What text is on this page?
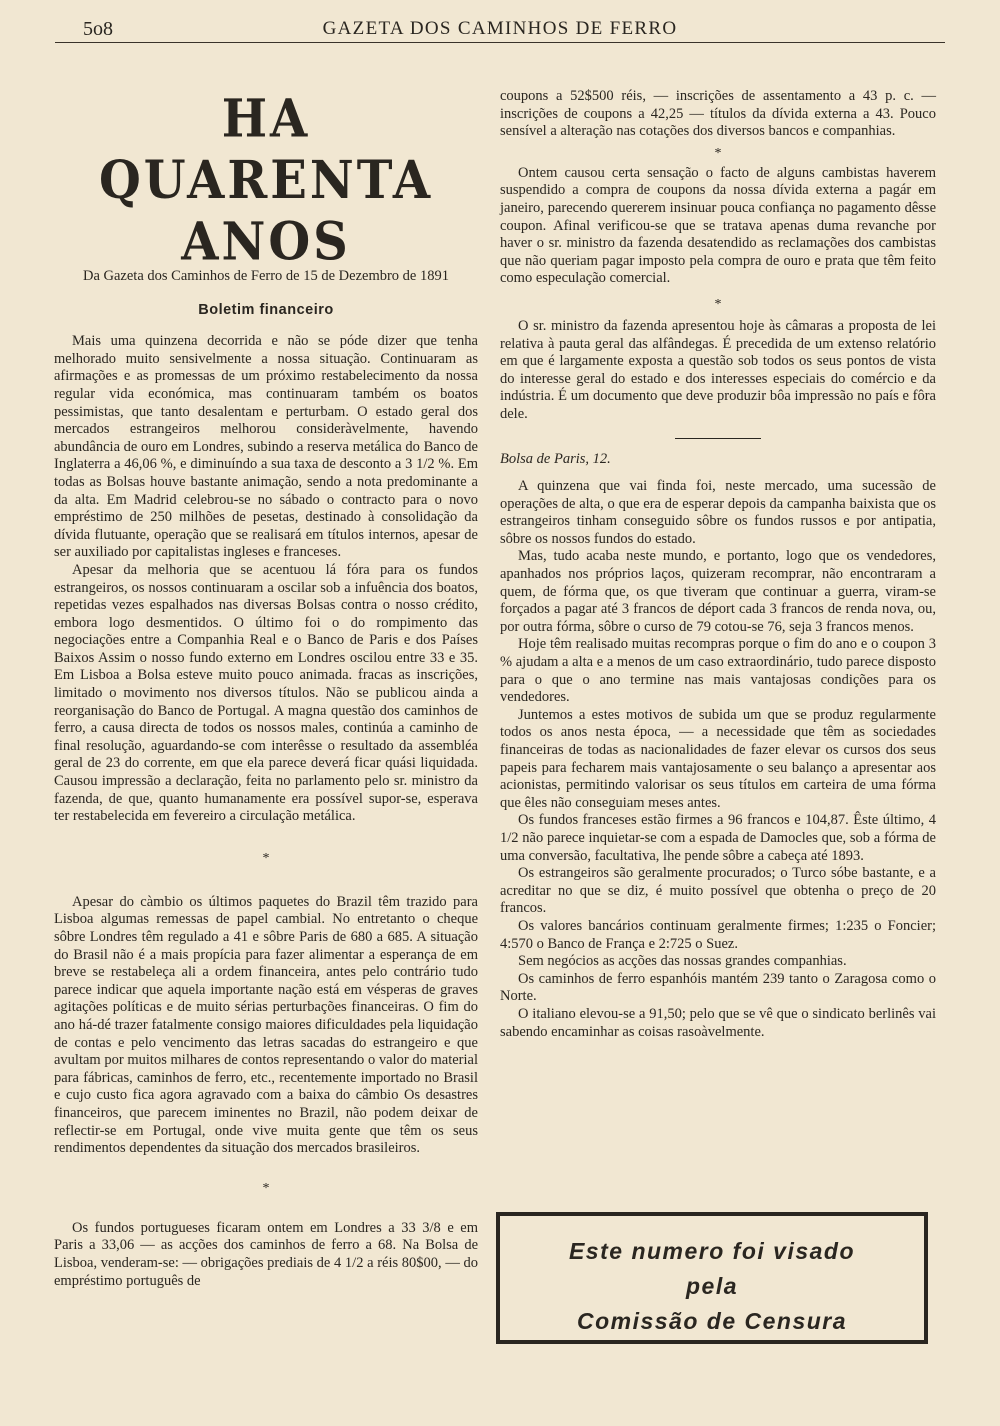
5o8	GAZETA DOS CAMINHOS DE FERRO
HA QUARENTA ANOS
Da Gazeta dos Caminhos de Ferro de 15 de Dezembro de 1891
Boletim financeiro

Mais uma quinzena decorrida e não se póde dizer que tenha melhorado muito sensivelmente a nossa situação. Continuaram as afirmações e as promessas de um próximo restabelecimento da nossa regular vida económica, mas continuaram também os boatos pessimistas, que tanto desalentam e perturbam. O estado geral dos mercados estrangeiros melhorou consideràvelmente, havendo abundância de ouro em Londres, subindo a reserva metálica do Banco de Inglaterra a 46,06 %, e diminuíndo a sua taxa de desconto a 3 1/2 %. Em todas as Bolsas houve bastante animação, sendo a nota predominante a da alta. Em Madrid celebrou-se no sábado o contracto para o novo empréstimo de 250 milhões de pesetas, destinado à consolidação da dívida flutuante, operação que se realisará em títulos internos, apesar de ser auxiliado por capitalistas ingleses e franceses.

Apesar da melhoria que se acentuou lá fóra para os fundos estrangeiros, os nossos continuaram a oscilar sob a infuência dos boatos, repetidas vezes espalhados nas diversas Bolsas contra o nosso crédito, embora logo desmentidos. O último foi o do rompimento das negociações entre a Companhia Real e o Banco de Paris e dos Países Baixos Assim o nosso fundo externo em Londres oscilou entre 33 e 35. Em Lisboa a Bolsa esteve muito pouco animada. fracas as inscrições, limitado o movimento nos diversos títulos. Não se publicou ainda a reorganisação do Banco de Portugal. A magna questão dos caminhos de ferro, a causa directa de todos os nossos males, continúa a caminho de final resolução, aguardando-se com interêsse o resultado da assembléa geral de 23 do corrente, em que ela parece deverá ficar quási liquidada. Causou impressão a declaração, feita no parlamento pelo sr. ministro da fazenda, de que, quanto humanamente era possível supor-se, esperava ter restabelecida em fevereiro a circulação metálica.

*

Apesar do càmbio os últimos paquetes do Brazil têm trazido para Lisboa algumas remessas de papel cambial. No entretanto o cheque sôbre Londres têm regulado a 41 e sôbre Paris de 680 a 685. A situação do Brasil não é a mais propícia para fazer alimentar a esperança de em breve se restabeleça ali a ordem financeira, antes pelo contrário tudo parece indicar que aquela importante nação está em vésperas de graves agitações políticas e de muito sérias perturbações financeiras. O fim do ano há-dé trazer fatalmente consigo maiores dificuldades pela liquidação de contas e pelo vencimento das letras sacadas do estrangeiro e que avultam por muitos milhares de contos representando o valor do material para fábricas, caminhos de ferro, etc., recentemente importado no Brasil e cujo custo fica agora agravado com a baixa do câmbio Os desastres financeiros, que parecem iminentes no Brazil, não podem deixar de reflectir-se em Portugal, onde vive muita gente que têm os seus rendimentos dependentes da situação dos mercados brasileiros.

*

Os fundos portugueses ficaram ontem em Londres a 33 3/8 e em Paris a 33,06 — as acções dos caminhos de ferro a 68. Na Bolsa de Lisboa, venderam-se: — obrigações prediais de 4 1/2 a réis 80$00, — do empréstimo português de

coupons a 52$500 réis, — inscrições de assentamento a 43 p. c. — inscrições de coupons a 42,25 — títulos da dívida externa a 43. Pouco sensível a alteração nas cotações dos diversos bancos e companhias.

*

Ontem causou certa sensação o facto de alguns cambistas haverem suspendido a compra de coupons da nossa dívida externa a pagár em janeiro, parecendo quererem insinuar pouca confiança no pagamento dêsse coupon. Afinal verificou-se que se tratava apenas duma revanche por haver o sr. ministro da fazenda desatendido as reclamações dos cambistas que não queriam pagar imposto pela compra de ouro e prata que têm feito como especulação comercial.

*

O sr. ministro da fazenda apresentou hoje às câmaras a proposta de lei relativa à pauta geral das alfândegas. É precedida de um extenso relatório em que é largamente exposta a questão sob todos os seus pontos de vista do interesse geral do estado e dos interesses especiais do comércio e da indústria. É um documento que deve produzir bôa impressão no país e fôra dele.

Bolsa de Paris, 12.

A quinzena que vai finda foi, neste mercado, uma sucessão de operações de alta, o que era de esperar depois da campanha baixista que os estrangeiros tinham conseguido sôbre os fundos russos e por antipatia, sôbre os nossos fundos do estado.

Mas, tudo acaba neste mundo, e portanto, logo que os vendedores, apanhados nos próprios laços, quizeram recomprar, não encontraram a quem, de fórma que, os que tiveram que continuar a guerra, viram-se forçados a pagar até 3 francos de déport cada 3 francos de renda nova, ou, por outra fórma, sôbre o curso de 79 cotou-se 76, seja 3 francos menos.

Hoje têm realisado muitas recompras porque o fim do ano e o coupon 3 % ajudam a alta e a menos de um caso extraordinário, tudo parece disposto para o que o ano termine nas mais vantajosas condições para os vendedores.

Juntemos a estes motivos de subida um que se produz regularmente todos os anos nesta época, — a necessidade que têm as sociedades financeiras de todas as nacionalidades de fazer elevar os cursos dos seus papeis para fecharem mais vantajosamente o seu balanço a apresentar aos acionistas, permitindo valorisar os seus títulos em carteira de uma fórma que êles não conseguiam meses antes.

Os fundos franceses estão firmes a 96 francos e 104,87. Êste último, 4 1/2 não parece inquietar-se com a espada de Damocles que, sob a fórma de uma conversão, facultativa, lhe pende sôbre a cabeça até 1893.

Os estrangeiros são geralmente procurados; o Turco sóbe bastante, e a acreditar no que se diz, é muito possível que obtenha o preço de 20 francos.

Os valores bancários continuam geralmente firmes; 1:235 o Foncier; 4:570 o Banco de França e 2:725 o Suez.

Sem negócios as acções das nossas grandes companhias.

Os caminhos de ferro espanhóis mantém 239 tanto o Zaragosa como o Norte.

O italiano elevou-se a 91,50; pelo que se vê que o sindicato berlinês vai sabendo encaminhar as coisas rasoàvelmente.

Este numero foi visado
pela
Comissão de Censura
